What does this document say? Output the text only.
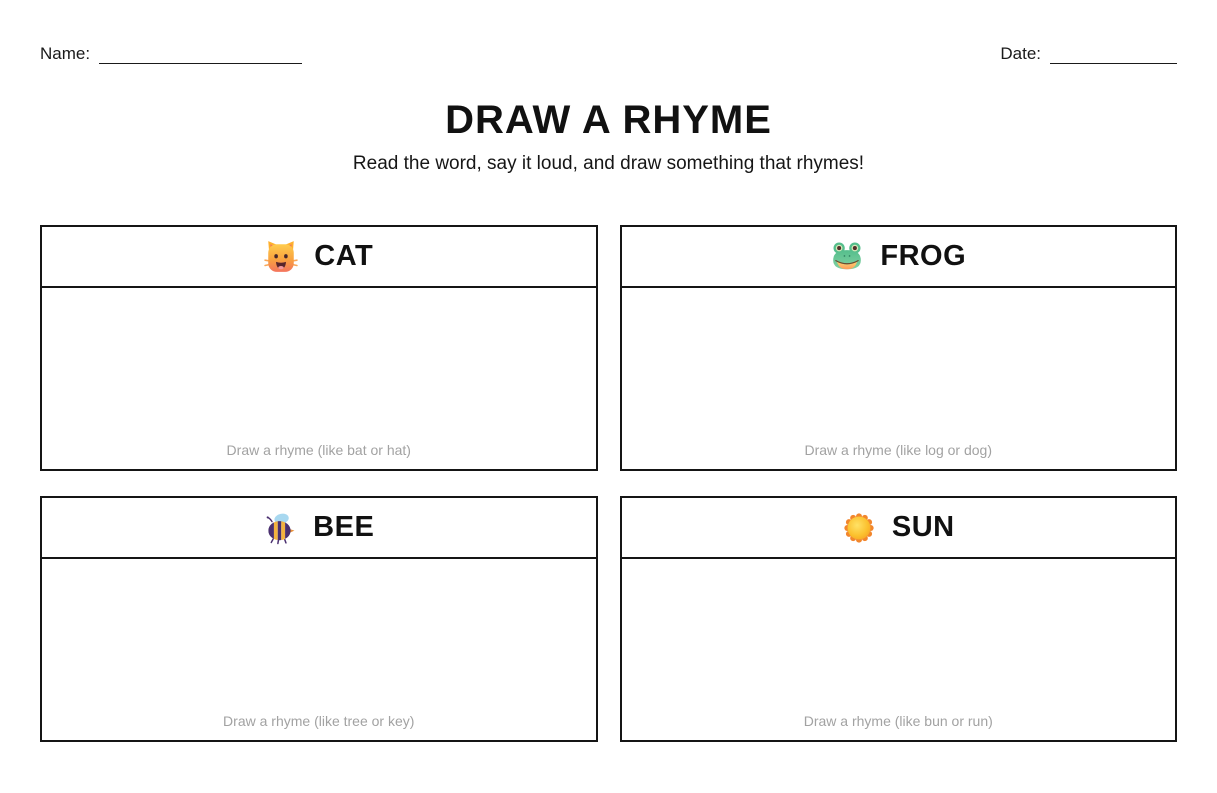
Name:	Date:
DRAW A RHYME
Read the word, say it loud, and draw something that rhymes!
CAT
Draw a rhyme (like bat or hat)
FROG
Draw a rhyme (like log or dog)
BEE
Draw a rhyme (like tree or key)
SUN
Draw a rhyme (like bun or run)
